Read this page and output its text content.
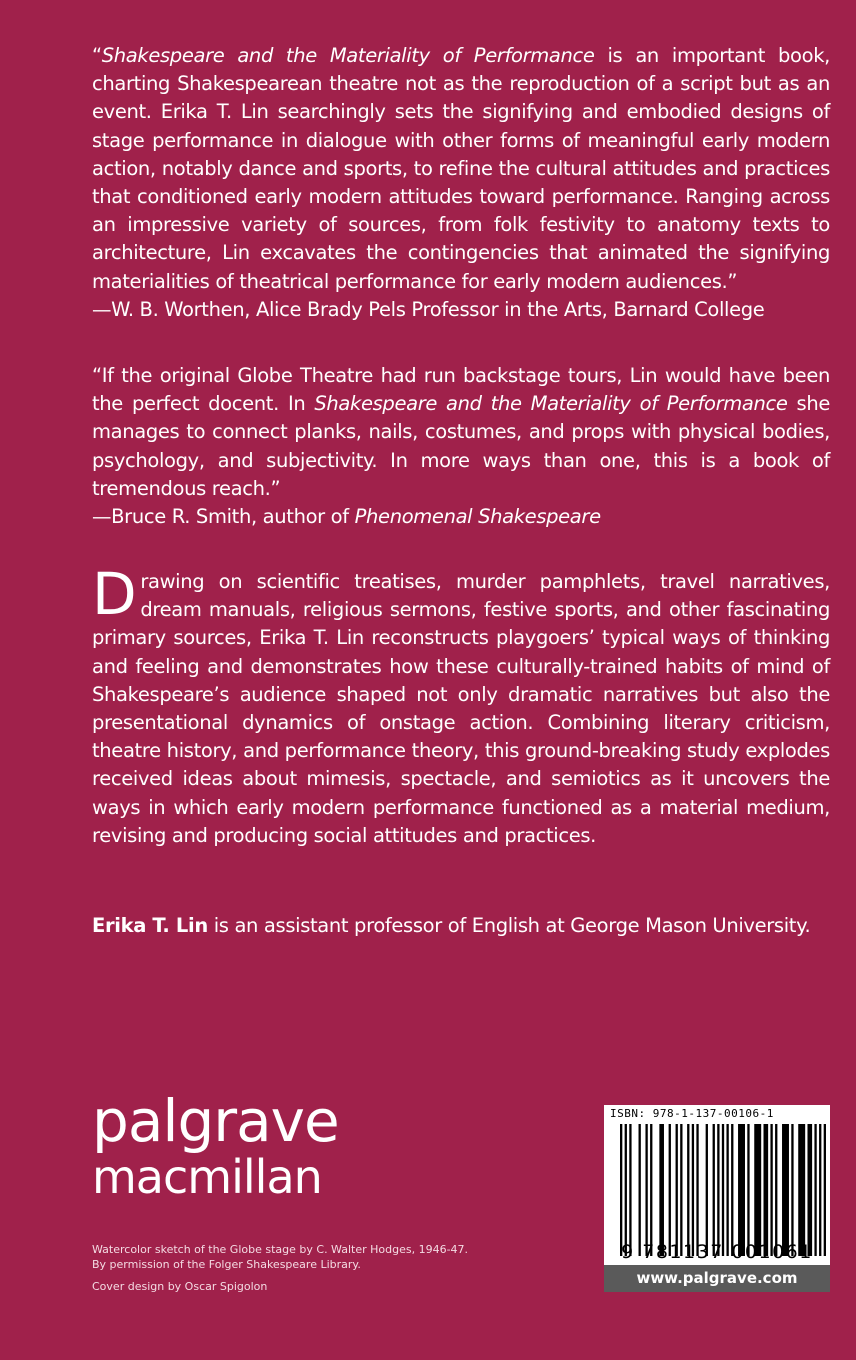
“Shakespeare and the Materiality of Performance is an important book, charting Shakespearean theatre not as the reproduction of a script but as an event. Erika T. Lin searchingly sets the signifying and embodied designs of stage performance in dialogue with other forms of meaningful early modern action, notably dance and sports, to refine the cultural attitudes and practices that conditioned early modern attitudes toward performance. Ranging across an impressive variety of sources, from folk festivity to anatomy texts to architecture, Lin excavates the contingencies that animated the signifying materialities of theatrical performance for early modern audiences.”

—W. B. Worthen, Alice Brady Pels Professor in the Arts, Barnard College

“If the original Globe Theatre had run backstage tours, Lin would have been the perfect docent. In Shakespeare and the Materiality of Performance she manages to connect planks, nails, costumes, and props with physical bodies, psychology, and subjectivity. In more ways than one, this is a book of tremendous reach.”

—Bruce R. Smith, author of Phenomenal Shakespeare

Drawing on scientific treatises, murder pamphlets, travel narratives, dream manuals, religious sermons, festive sports, and other fascinating primary sources, Erika T. Lin reconstructs playgoers’ typical ways of thinking and feeling and demonstrates how these culturally-trained habits of mind of Shakespeare’s audience shaped not only dramatic narratives but also the presentational dynamics of onstage action. Combining literary criticism, theatre history, and performance theory, this ground-breaking study explodes received ideas about mimesis, spectacle, and semiotics as it uncovers the ways in which early modern performance functioned as a material medium, revising and producing social attitudes and practices.

Erika T. Lin is an assistant professor of English at George Mason University.

palgrave
macmillan
Watercolor sketch of the Globe stage by C. Walter Hodges, 1946-47.
By permission of the Folger Shakespeare Library.
Cover design by Oscar Spigolon
ISBN: 978-1-137-00106-1
9 781137 001061
www.palgrave.com
